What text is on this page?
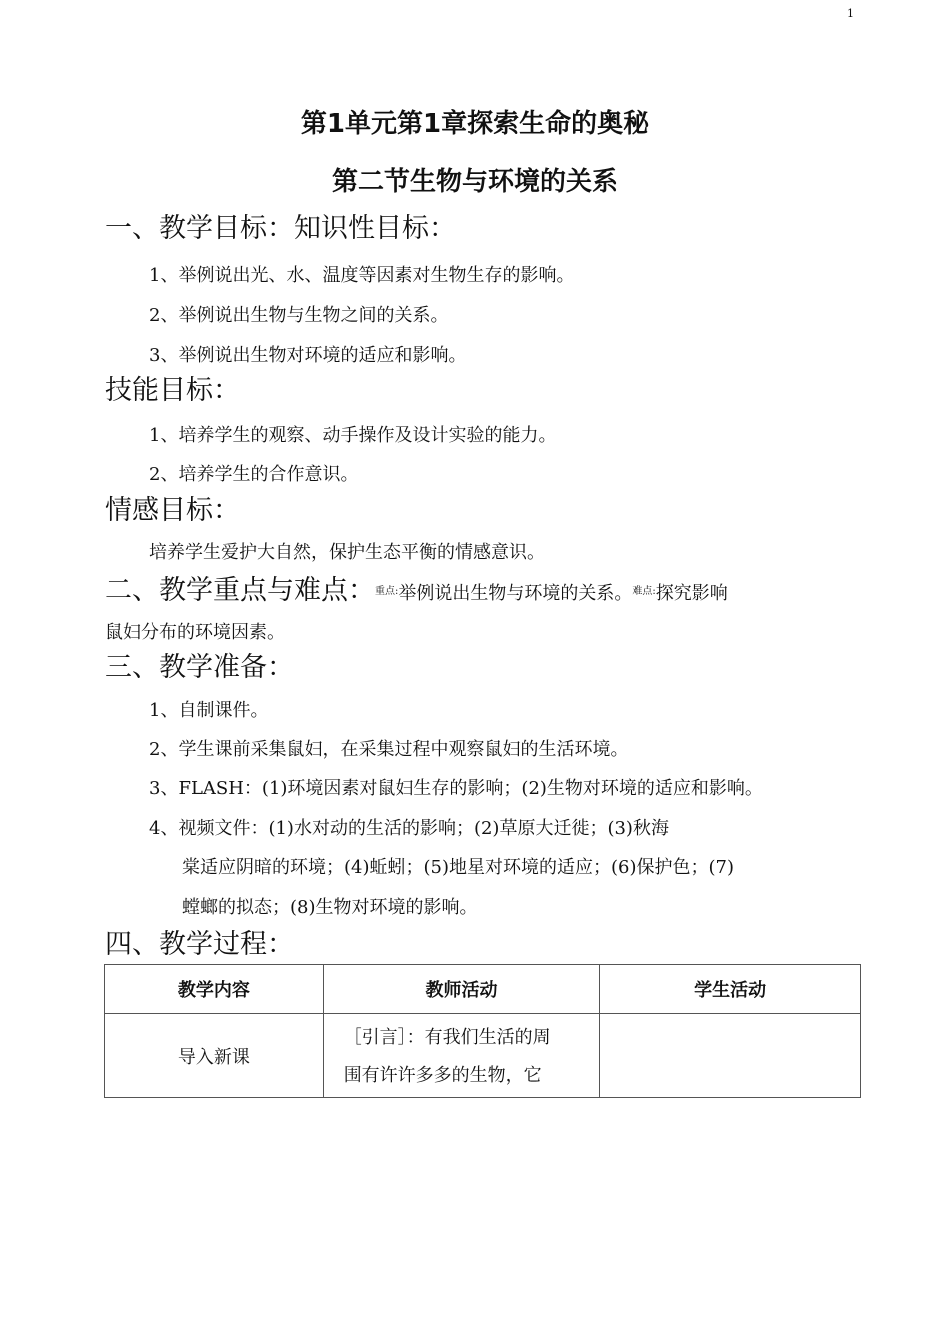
1
第1单元第1章探索生命的奥秘
第二节生物与环境的关系
一、教学目标：知识性目标：
1、举例说出光、水、温度等因素对生物生存的影响。
2、举例说出生物与生物之间的关系。
3、举例说出生物对环境的适应和影响。
技能目标：
1、培养学生的观察、动手操作及设计实验的能力。
2、培养学生的合作意识。
情感目标：
培养学生爱护大自然，保护生态平衡的情感意识。
二、教学重点与难点：重点:举例说出生物与环境的关系。难点:探究影响
鼠妇分布的环境因素。
三、教学准备：
1、自制课件。
2、学生课前采集鼠妇，在采集过程中观察鼠妇的生活环境。
3、FLASH：(1)环境因素对鼠妇生存的影响；(2)生物对环境的适应和影响。
4、视频文件：(1)水对动的生活的影响；(2)草原大迁徙；(3)秋海
棠适应阴暗的环境；(4)蚯蚓；(5)地星对环境的适应；(6)保护色；(7)
螳螂的拟态；(8)生物对环境的影响。
四、教学过程：
教学内容	教师活动	学生活动
导入新课	［引言］：有我们生活的周
围有许许多多的生物，它	
